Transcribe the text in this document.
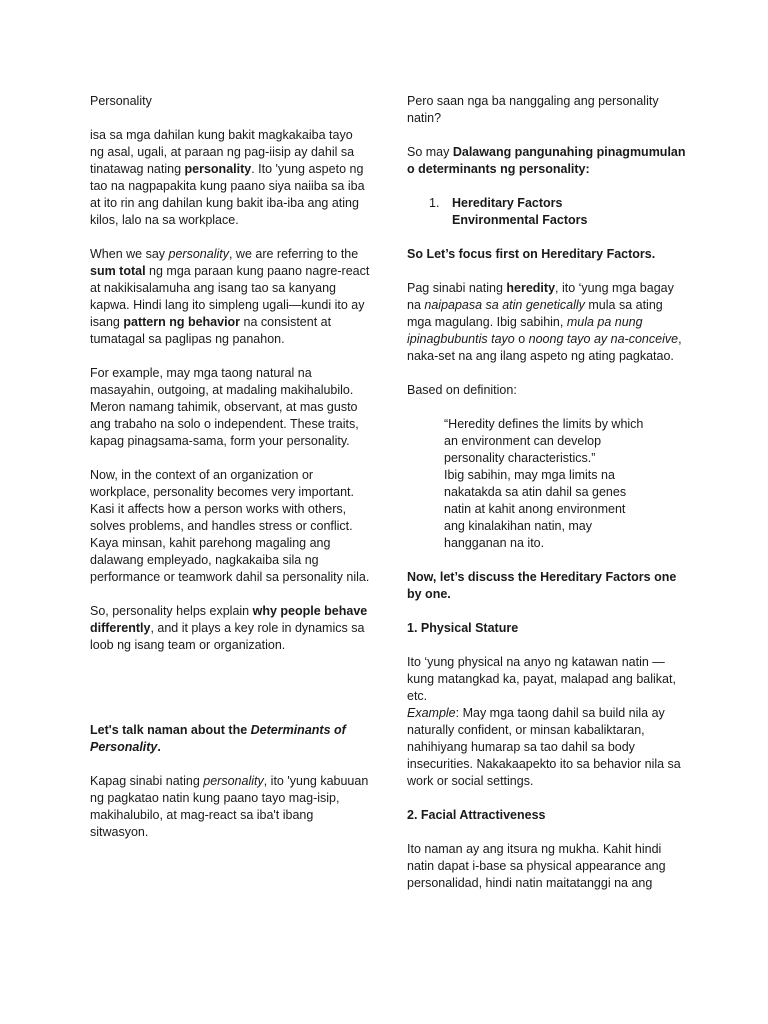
Personality

isa sa mga dahilan kung bakit magkakaiba tayo ng asal, ugali, at paraan ng pag-iisip ay dahil sa tinatawag nating personality. Ito 'yung aspeto ng tao na nagpapakita kung paano siya naiiba sa iba at ito rin ang dahilan kung bakit iba-iba ang ating kilos, lalo na sa workplace.

When we say personality, we are referring to the sum total ng mga paraan kung paano nagre-react at nakikisalamuha ang isang tao sa kanyang kapwa. Hindi lang ito simpleng ugali—kundi ito ay isang pattern ng behavior na consistent at tumatagal sa paglipas ng panahon.

For example, may mga taong natural na masayahin, outgoing, at madaling makihalubilo. Meron namang tahimik, observant, at mas gusto ang trabaho na solo o independent. These traits, kapag pinagsama-sama, form your personality.

Now, in the context of an organization or workplace, personality becomes very important. Kasi it affects how a person works with others, solves problems, and handles stress or conflict. Kaya minsan, kahit parehong magaling ang dalawang empleyado, nagkakaiba sila ng performance or teamwork dahil sa personality nila.

So, personality helps explain why people behave differently, and it plays a key role in dynamics sa loob ng isang team or organization.

Let's talk naman about the Determinants of Personality.

Kapag sinabi nating personality, ito 'yung kabuuan ng pagkatao natin kung paano tayo mag-isip, makihalubilo, at mag-react sa iba't ibang sitwasyon.

Pero saan nga ba nanggaling ang personality natin?

So may Dalawang pangunahing pinagmumulan o determinants ng personality:

1. Hereditary Factors
Environmental Factors

So Let’s focus first on Hereditary Factors.

Pag sinabi nating heredity, ito ‘yung mga bagay na naipapasa sa atin genetically mula sa ating mga magulang. Ibig sabihin, mula pa nung ipinagbubuntis tayo o noong tayo ay na-conceive, naka-set na ang ilang aspeto ng ating pagkatao.

Based on definition:

“Heredity defines the limits by which an environment can develop personality characteristics.”
Ibig sabihin, may mga limits na nakatakda sa atin dahil sa genes natin at kahit anong environment ang kinalakihan natin, may hangganan na ito.

Now, let’s discuss the Hereditary Factors one by one.

1. Physical Stature

Ito ‘yung physical na anyo ng katawan natin — kung matangkad ka, payat, malapad ang balikat, etc.

Example: May mga taong dahil sa build nila ay naturally confident, or minsan kabaliktaran, nahihiyang humarap sa tao dahil sa body insecurities. Nakakaapekto ito sa behavior nila sa work or social settings.

2. Facial Attractiveness

Ito naman ay ang itsura ng mukha. Kahit hindi natin dapat i-base sa physical appearance ang personalidad, hindi natin maitatanggi na ang
